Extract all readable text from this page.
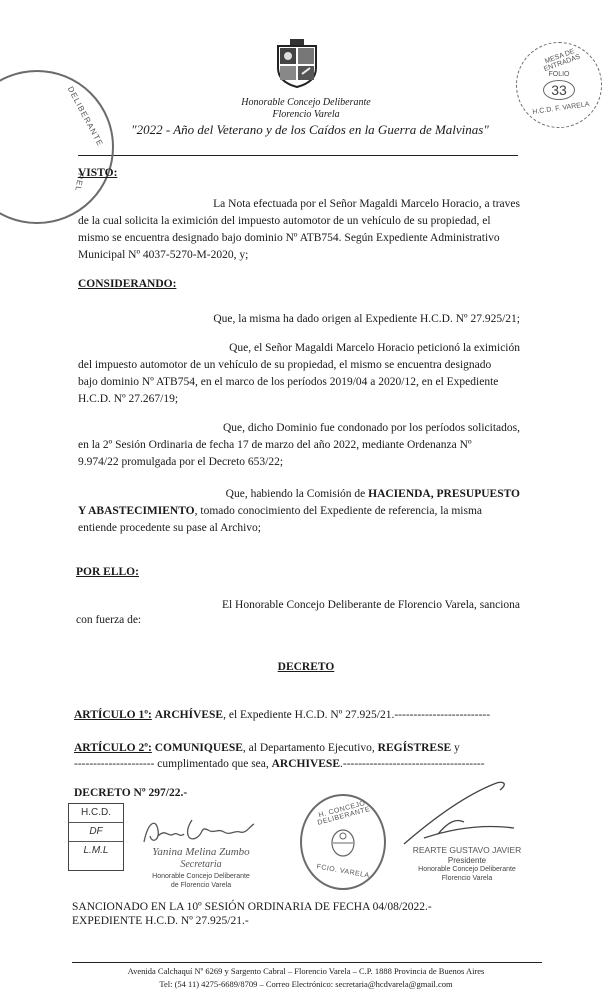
Honorable Concejo Deliberante
Florencio Varela
"2022 - Año del Veterano y de los Caídos en la Guerra de Malvinas"
DELIBERANTE
REL
MESA DE ENTRADAS
FOLIO
33
H.C.D. F. VARELA
VISTO:
La Nota efectuada por el Señor Magaldi Marcelo Horacio, a traves
de la cual solicita la eximición del impuesto automotor de un vehículo de su propiedad, el
mismo se encuentra designado bajo dominio Nº ATB754. Según Expediente Administrativo
Municipal Nº 4037-5270-M-2020, y;
CONSIDERANDO:
Que, la misma ha dado origen al Expediente H.C.D. Nº 27.925/21;
Que, el Señor Magaldi Marcelo Horacio peticionó la eximición
del impuesto automotor de un vehículo de su propiedad, el mismo se encuentra designado
bajo dominio Nº ATB754, en el marco de los períodos 2019/04 a 2020/12, en el Expediente
H.C.D. Nº 27.267/19;
Que, dicho Dominio fue condonado por los períodos solicitados,
en la 2º Sesión Ordinaria de fecha 17 de marzo del año 2022, mediante Ordenanza Nº
9.974/22 promulgada por el Decreto 653/22;
Que, habiendo la Comisión de HACIENDA, PRESUPUESTO
Y ABASTECIMIENTO, tomado conocimiento del Expediente de referencia, la misma
entiende procedente su pase al Archivo;
POR ELLO:
El Honorable Concejo Deliberante de Florencio Varela, sanciona
con fuerza de:
DECRETO
ARTÍCULO 1º: ARCHÍVESE, el Expediente H.C.D. Nº 27.925/21.-------------------------
ARTÍCULO 2º: COMUNIQUESE, al Departamento Ejecutivo, REGÍSTRESE y
--------------------- cumplimentado que sea, ARCHIVESE.-------------------------------------
DECRETO Nº 297/22.-
H.C.D.
DF
L.M.L	Yanina Melina Zumbo
Secretaria
Honorable Concejo Deliberante
de Florencio Varela
H. CONCEJO DELIBERANTE
FCIO. VARELA
REARTE GUSTAVO JAVIER
Presidente
Honorable Concejo Deliberante
Florencio Varela
SANCIONADO EN LA 10º SESIÓN ORDINARIA DE FECHA 04/08/2022.-
EXPEDIENTE H.C.D. Nº 27.925/21.-
Avenida Calchaquí Nº 6269 y Sargento Cabral – Florencio Varela – C.P. 1888 Provincia de Buenos Aires
Tel: (54 11) 4275-6689/8709 – Correo Electrónico: secretaria@hcdvarela@gmail.com
